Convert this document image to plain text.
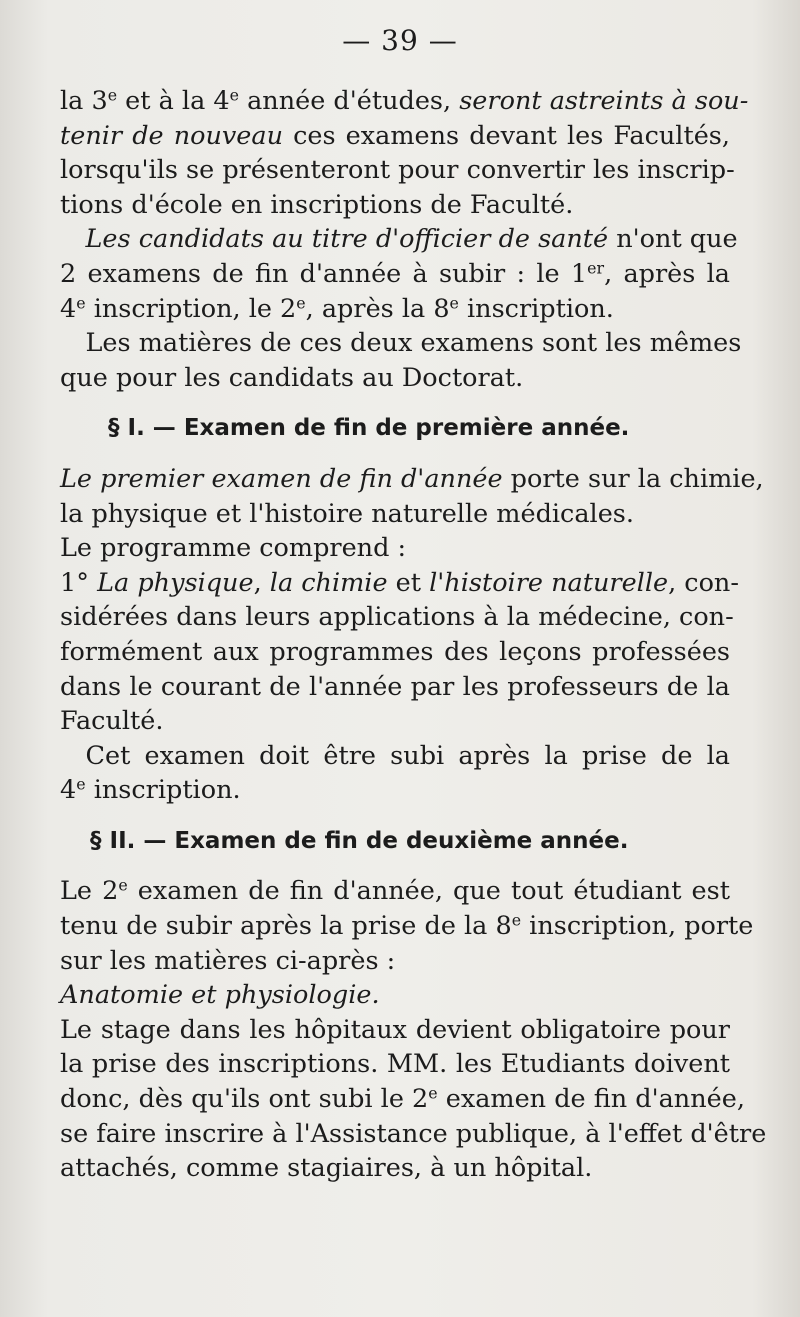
— 39 —

la 3e et à la 4e année d'études, seront astreints à sou-
tenir de nouveau ces examens devant les Facultés,
lorsqu'ils se présenteront pour convertir les inscrip-
tions d'école en inscriptions de Faculté.

 Les candidats au titre d'officier de santé n'ont que
2 examens de fin d'année à subir : le 1er, après la
4e inscription, le 2e, après la 8e inscription.

 Les matières de ces deux examens sont les mêmes
que pour les candidats au Doctorat.

§ I. — Examen de fin de première année.

Le premier examen de fin d'année porte sur la chimie,
la physique et l'histoire naturelle médicales.

Le programme comprend :

1° La physique, la chimie et l'histoire naturelle, con-
sidérées dans leurs applications à la médecine, con-
formément aux programmes des leçons professées
dans le courant de l'année par les professeurs de la
Faculté.

 Cet examen doit être subi après la prise de la
4e inscription.

§ II. — Examen de fin de deuxième année.

Le 2e examen de fin d'année, que tout étudiant est
tenu de subir après la prise de la 8e inscription, porte
sur les matières ci-après :

Anatomie et physiologie.

Le stage dans les hôpitaux devient obligatoire pour
la prise des inscriptions. MM. les Etudiants doivent
donc, dès qu'ils ont subi le 2e examen de fin d'année,
se faire inscrire à l'Assistance publique, à l'effet d'être
attachés, comme stagiaires, à un hôpital.
